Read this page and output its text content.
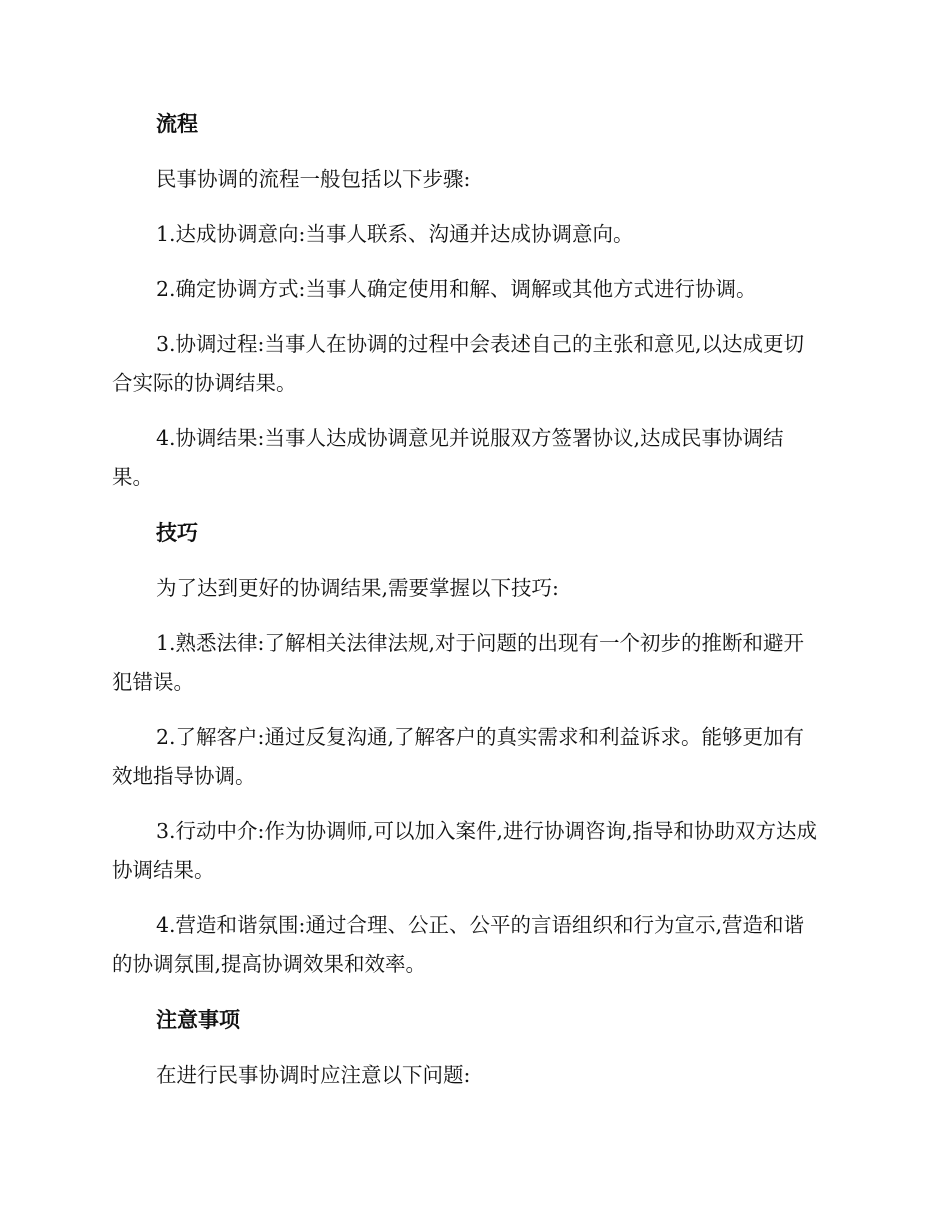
流程

民事协调的流程一般包括以下步骤:

1.达成协调意向:当事人联系、沟通并达成协调意向。

2.确定协调方式:当事人确定使用和解、调解或其他方式进行协调。

3.协调过程:当事人在协调的过程中会表述自己的主张和意见,以达成更切合实际的协调结果。

4.协调结果:当事人达成协调意见并说服双方签署协议,达成民事协调结果。

技巧

为了达到更好的协调结果,需要掌握以下技巧:

1.熟悉法律:了解相关法律法规,对于问题的出现有一个初步的推断和避开犯错误。

2.了解客户:通过反复沟通,了解客户的真实需求和利益诉求。能够更加有效地指导协调。

3.行动中介:作为协调师,可以加入案件,进行协调咨询,指导和协助双方达成协调结果。

4.营造和谐氛围:通过合理、公正、公平的言语组织和行为宣示,营造和谐的协调氛围,提高协调效果和效率。

注意事项

在进行民事协调时应注意以下问题:
